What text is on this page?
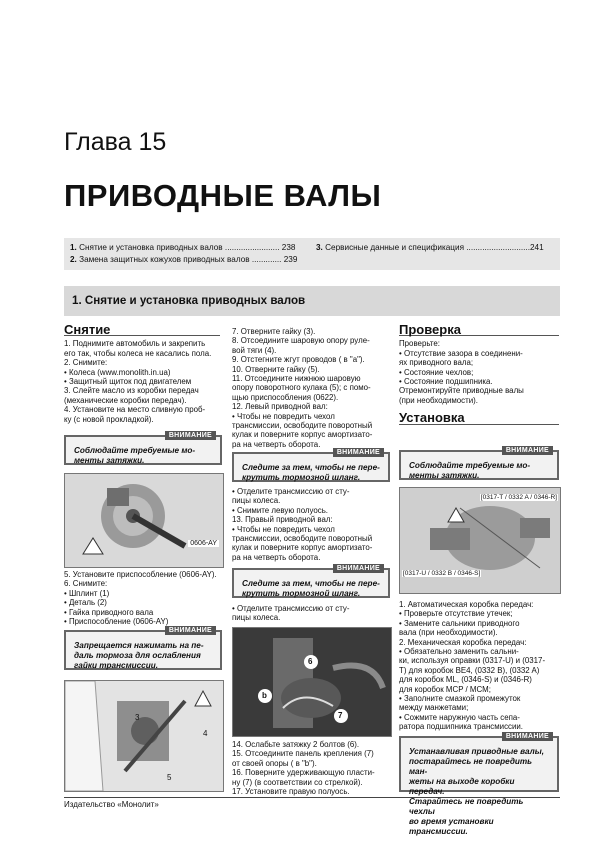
Глава 15
ПРИВОДНЫЕ ВАЛЫ
1. Снятие и установка приводных валов ........................ 238
2. Замена защитных кожухов приводных валов ............. 239
3. Сервисные данные и спецификация ............................241
1. Снятие и установка приводных валов
Снятие
1. Поднимите автомобиль и закрепить
его так, чтобы колеса не касались пола.
2. Снимите:
• Колеса (www.monolith.in.ua)
• Защитный щиток под двигателем
3. Слейте масло из коробки передач
(механические коробки передач).
4. Установите на место сливную проб-
ку (с новой прокладкой).
ВНИМАНИЕ
Соблюдайте требуемые мо-
менты затяжки.
0606-AY
5. Установите приспособление (0606-AY).
6. Снимите:
• Шплинт (1)
• Деталь (2)
• Гайка приводного вала
• Приспособление (0606-AY)
ВНИМАНИЕ
Запрещается нажимать на пе-
даль тормоза для ослабления
гайки трансмиссии.
3
4
5
7. Отверните гайку (3).
8. Отсоедините шаровую опору руле-
вой тяги (4).
9. Отстегните жгут проводов ( в "a").
10. Отверните гайку (5).
11. Отсоедините нижнюю шаровую
опору поворотного кулака (5); с помо-
щью приспособления (0622).
12. Левый приводной вал:
• Чтобы не повредить чехол
трансмиссии, освободите поворотный
кулак и поверните корпус амортизато-
ра на четверть оборота.
ВНИМАНИЕ
Следите за тем, чтобы не пере-
крутить тормозной шланг.
• Отделите трансмиссию от сту-
пицы колеса.
• Снимите левую полуось.
13. Правый приводной вал:
• Чтобы не повредить чехол
трансмиссии, освободите поворотный
кулак и поверните корпус амортизато-
ра на четверть оборота.
ВНИМАНИЕ
Следите за тем, чтобы не пере-
крутить тормозной шланг.
• Отделите трансмиссию от сту-
пицы колеса.
6
b
7
14. Ослабьте затяжку 2 болтов (6).
15. Отсоедините панель крепления (7)
от своей опоры ( в "b").
16. Поверните удерживающую пласти-
ну (7) (в соответствии со стрелкой).
17. Установите правую полуось.
Проверка
Проверьте:
• Отсутствие зазора в соединени-
ях приводного вала;
• Состояние чехлов;
• Состояние подшипника.
Отремонтируйте приводные валы
(при необходимости).
Установка
ВНИМАНИЕ
Соблюдайте требуемые мо-
менты затяжки.
[0317-T / 0332 A / 0346-R]
[0317-U / 0332 B / 0346-S]
1. Автоматическая коробка передач:
• Проверьте отсутствие утечек;
• Замените сальники приводного
вала (при необходимости).
2. Механическая коробка передач:
• Обязательно заменить сальни-
ки, используя оправки (0317-U) и (0317-
T) для коробок BE4, (0332 B), (0332 A)
для коробок ML, (0346-S) и (0346-R)
для коробок MCP / MCM;
• Заполните смазкой промежуток
между манжетами;
• Сожмите наружную часть сепа-
ратора подшипника трансмиссии.
ВНИМАНИЕ
Устанавливая приводные валы,
постарайтесь не повредить ман-
жеты на выходе коробки передач.
Старайтесь не повредить чехлы
во время установки трансмиссии.
Издательство «Монолит»
